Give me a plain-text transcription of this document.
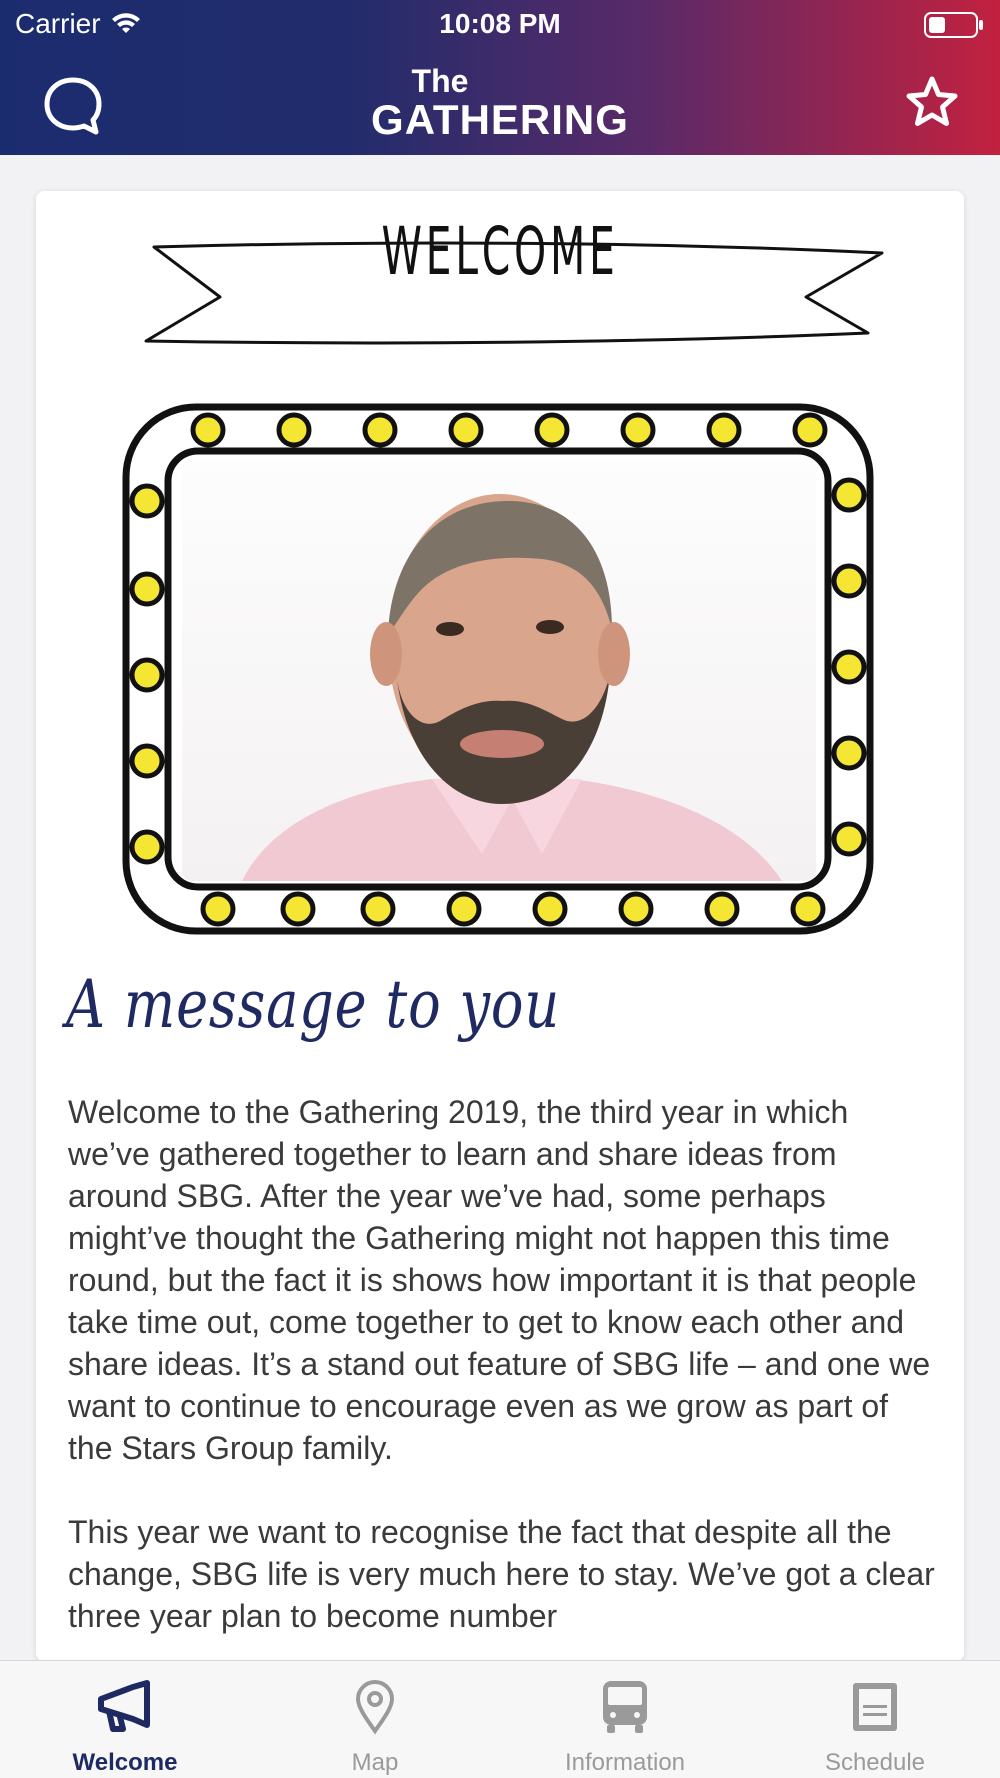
Carrier	10:08 PM
The
GATHERING
WELCOME
A message to you

Welcome to the Gathering 2019, the third year in which we’ve gathered together to learn and share ideas from around SBG. After the year we’ve had, some perhaps might’ve thought the Gathering might not happen this time round, but the fact it is shows how important it is that people take time out, come together to get to know each other and share ideas. It’s a stand out feature of SBG life – and one we want to continue to encourage even as we grow as part of the Stars Group family.

This year we want to recognise the fact that despite all the change, SBG life is very much here to stay. We’ve got a clear three year plan to become number

Welcome	Map	Information	Schedule
